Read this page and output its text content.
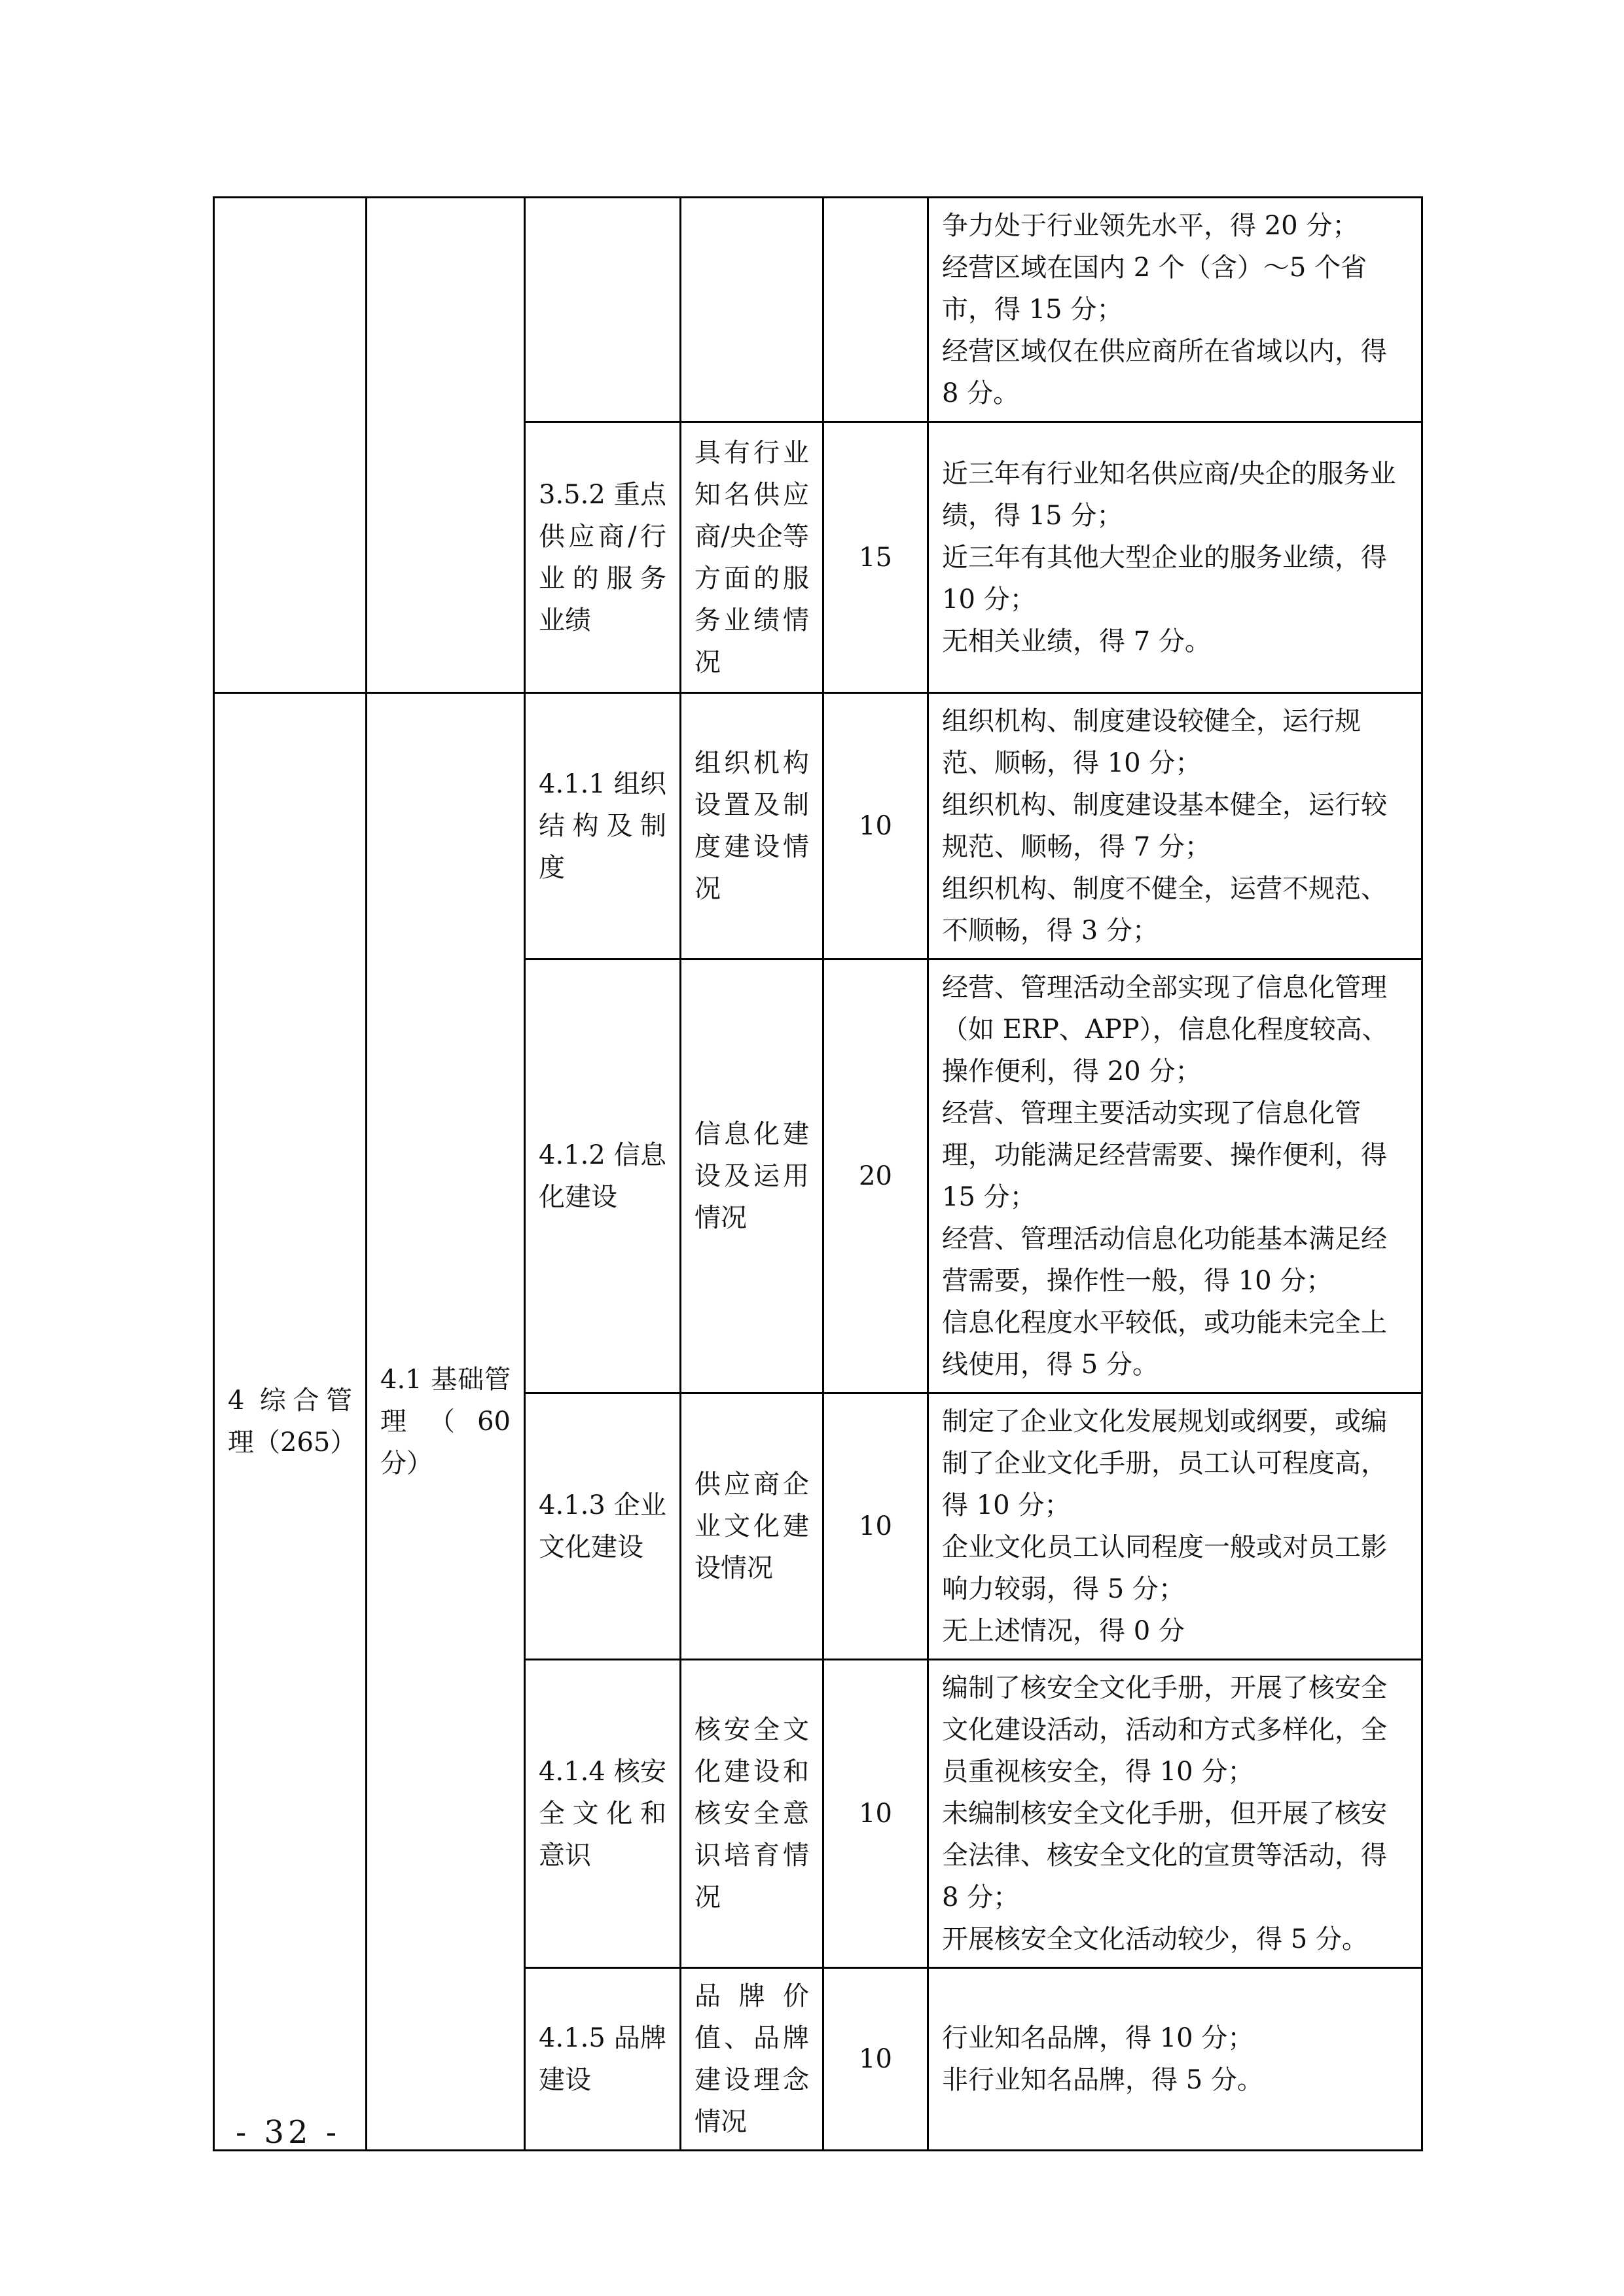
					争力处于行业领先水平，得 20 分；
经营区域在国内 2 个（含）～5 个省市，得 15 分；
经营区域仅在供应商所在省域以内，得 8 分。

		3.5.2 重点供应商/行业的服务业绩	具有行业知名供应商/央企等方面的服务业绩情况	15	近三年有行业知名供应商/央企的服务业绩，得 15 分；
近三年有其他大型企业的服务业绩，得 10 分；
无相关业绩，得 7 分。

4 综合管理（265）	4.1 基础管理（60 分）	4.1.1 组织结构及制度	组织机构设置及制度建设情况	10	组织机构、制度建设较健全，运行规范、顺畅，得 10 分；
组织机构、制度建设基本健全，运行较规范、顺畅，得 7 分；
组织机构、制度不健全，运营不规范、不顺畅，得 3 分；

		4.1.2 信息化建设	信息化建设及运用情况	20	经营、管理活动全部实现了信息化管理（如 ERP、APP），信息化程度较高、操作便利，得 20 分；
经营、管理主要活动实现了信息化管理，功能满足经营需要、操作便利，得 15 分；
经营、管理活动信息化功能基本满足经营需要，操作性一般，得 10 分；
信息化程度水平较低，或功能未完全上线使用，得 5 分。

		4.1.3 企业文化建设	供应商企业文化建设情况	10	制定了企业文化发展规划或纲要，或编制了企业文化手册，员工认可程度高，得 10 分；
企业文化员工认同程度一般或对员工影响力较弱，得 5 分；
无上述情况，得 0 分

		4.1.4 核安全文化和意识	核安全文化建设和核安全意识培育情况	10	编制了核安全文化手册，开展了核安全文化建设活动，活动和方式多样化，全员重视核安全，得 10 分；
未编制核安全文化手册，但开展了核安全法律、核安全文化的宣贯等活动，得 8 分；
开展核安全文化活动较少，得 5 分。

		4.1.5 品牌建设	品牌价值、品牌建设理念情况	10	行业知名品牌，得 10 分；
非行业知名品牌，得 5 分。
- 32 -
